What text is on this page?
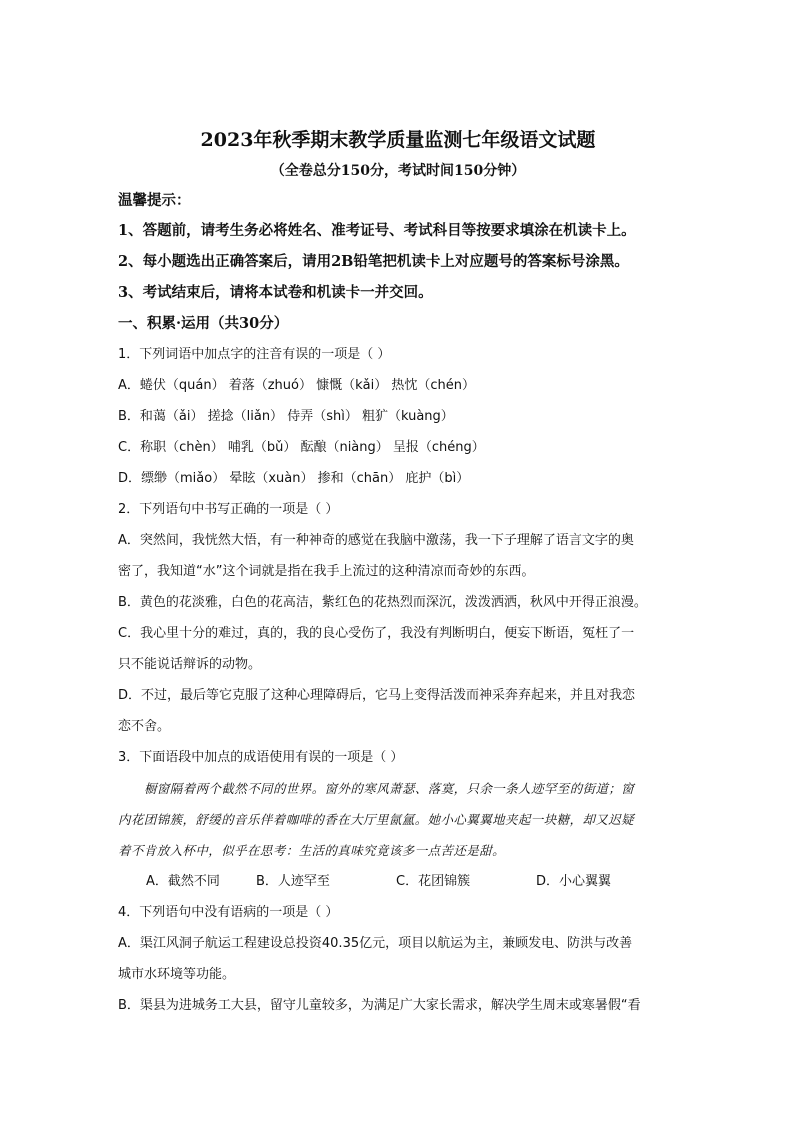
2023年秋季期末教学质量监测七年级语文试题
（全卷总分150分，考试时间150分钟）
温馨提示：
1、答题前，请考生务必将姓名、准考证号、考试科目等按要求填涂在机读卡上。
2、每小题选出正确答案后，请用2B铅笔把机读卡上对应题号的答案标号涂黑。
3、考试结束后，请将本试卷和机读卡一并交回。
一、积累·运用（共30分）
1．下列词语中加点字的注音有误的一项是（ ）
A．蜷伏（quán） 着落（zhuó） 慷慨（kǎi） 热忱（chén）
B．和蔼（ǎi） 搓捻（liǎn） 侍弄（shì） 粗犷（kuàng）
C．称职（chèn） 哺乳（bǔ） 酝酿（niàng） 呈报（chéng）
D．缥缈（miǎo） 晕眩（xuàn） 掺和（chān） 庇护（bì）
2．下列语句中书写正确的一项是（ ）
A．突然间，我恍然大悟，有一种神奇的感觉在我脑中激荡，我一下子理解了语言文字的奥
密了，我知道“水”这个词就是指在我手上流过的这种清凉而奇妙的东西。
B．黄色的花淡雅，白色的花高洁，紫红色的花热烈而深沉，泼泼洒洒，秋风中开得正浪漫。
C．我心里十分的难过，真的，我的良心受伤了，我没有判断明白，便妄下断语，冤枉了一
只不能说话辩诉的动物。
D．不过，最后等它克服了这种心理障碍后，它马上变得活泼而神采奔弃起来，并且对我恋
恋不舍。
3．下面语段中加点的成语使用有误的一项是（ ）
橱窗隔着两个截然不同的世界。窗外的寒风萧瑟、落寞，只余一条人迹罕至的街道；窗
内花团锦簇，舒缓的音乐伴着咖啡的香在大厅里氤氲。她小心翼翼地夹起一块糖，却又迟疑
着不肯放入杯中，似乎在思考：生活的真味究竟该多一点苦还是甜。
A．截然不同	B．人迹罕至	C．花团锦簇	D．小心翼翼
4．下列语句中没有语病的一项是（ ）
A．渠江风洞子航运工程建设总投资40.35亿元，项目以航运为主，兼顾发电、防洪与改善
城市水环境等功能。
B．渠县为进城务工大县，留守儿童较多，为满足广大家长需求，解决学生周末或寒暑假“看
